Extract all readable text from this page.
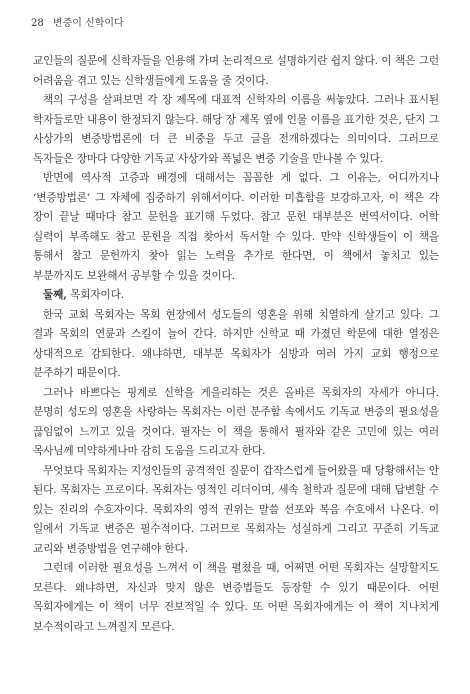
28 변증이 신학이다

교인들의 질문에 신학자들을 인용해 가며 논리적으로 설명하기란 쉽지 않다. 이 책은 그런 어려움을 겪고 있는 신학생들에게 도움을 줄 것이다.

책의 구성을 살펴보면 각 장 제목에 대표적 신학자의 이름을 써놓았다. 그러나 표시된 학자들로만 내용이 한정되지 않는다. 해당 장 제목 옆에 인물 이름을 표기한 것은, 단지 그 사상가의 변증방법론에 더 큰 비중을 두고 글을 전개하겠다는 의미이다. 그러므로 독자들은 장마다 다양한 기독교 사상가와 폭넓은 변증 기술을 만나볼 수 있다.

반면에 역사적 고증과 배경에 대해서는 꼼꼼한 게 없다. 그 이유는, 어디까지나 ‘변증방법론’ 그 자체에 집중하기 위해서이다. 이러한 미흡함을 보강하고자, 이 책은 각 장이 끝날 때마다 참고 문헌을 표기해 두었다. 참고 문헌 대부분은 번역서이다. 어학 실력이 부족해도 참고 문헌을 직접 찾아서 독서할 수 있다. 만약 신학생들이 이 책을 통해서 참고 문헌까지 찾아 읽는 노력을 추가로 한다면, 이 책에서 놓치고 있는 부분까지도 보완해서 공부할 수 있을 것이다.

둘째, 목회자이다.

한국 교회 목회자는 목회 현장에서 성도들의 영혼을 위해 치열하게 살기고 있다. 그 결과 목회의 연륜과 스킬이 늘어 간다. 하지만 신학교 때 가졌던 학문에 대한 열정은 상대적으로 감퇴한다. 왜냐하면, 대부분 목회자가 심방과 여러 가지 교회 행정으로 분주하기 때문이다.

그러나 바쁘다는 핑계로 신학을 게을리하는 것은 올바른 목회자의 자세가 아니다. 분명히 성도의 영혼을 사랑하는 목회자는 이런 분주함 속에서도 기독교 변증의 필요성을 끊임없이 느끼고 있을 것이다. 필자는 이 책을 통해서 필자와 같은 고민에 있는 여러 목사님께 미약하게나마 감히 도움을 드리고자 한다.

무엇보다 목회자는 지성인들의 공격적인 질문이 갑작스럽게 들어왔을 때 당황해서는 안 된다. 목회자는 프로이다. 목회자는 영적인 리더이며, 세속 철학과 질문에 대해 답변할 수 있는 진리의 수호자이다. 목회자의 영적 권위는 말씀 선포와 복음 수호에서 나온다. 이 일에서 기독교 변증은 필수적이다. 그러므로 목회자는 성실하게 그리고 꾸준히 기독교 교리와 변증방법을 연구해야 한다.

그런데 이러한 필요성을 느껴서 이 책을 펼쳤을 때, 어쩌면 어떤 목회자는 실망할지도 모른다. 왜냐하면, 자신과 맞지 않은 변증법들도 등장할 수 있기 때문이다. 어떤 목회자에게는 이 책이 너무 진보적일 수 있다. 또 어떤 목회자에게는 이 책이 지나치게 보수적이라고 느껴질지 모른다.
